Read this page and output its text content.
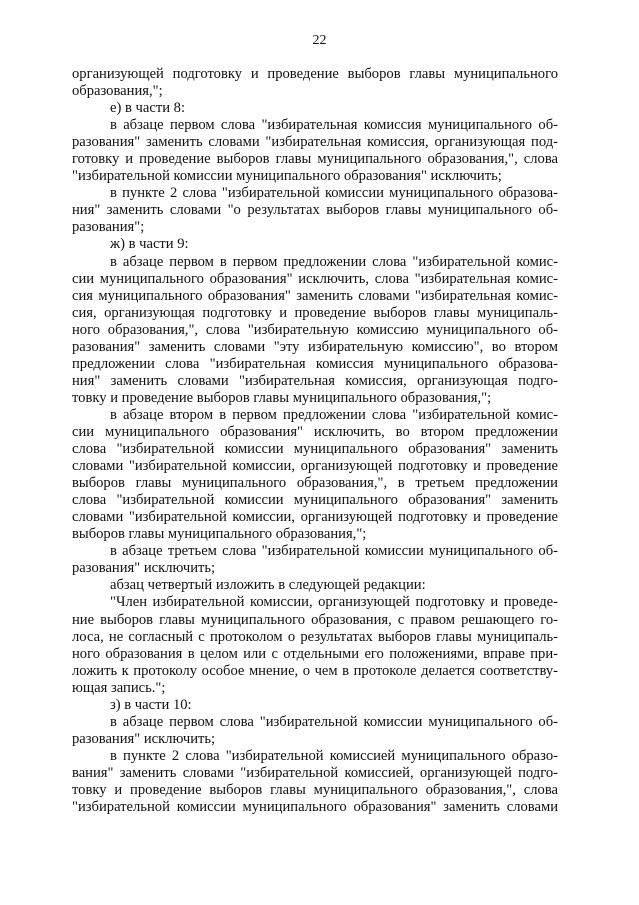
22
организующей подготовку и проведение выборов главы муниципального
образования,";
е) в части 8:
в абзаце первом слова "избирательная комиссия муниципального об-
разования" заменить словами "избирательная комиссия, организующая под-
готовку и проведение выборов главы муниципального образования,", слова
"избирательной комиссии муниципального образования" исключить;
в пункте 2 слова "избирательной комиссии муниципального образова-
ния" заменить словами "о результатах выборов главы муниципального об-
разования";
ж) в части 9:
в абзаце первом в первом предложении слова "избирательной комис-
сии муниципального образования" исключить, слова "избирательная комис-
сия муниципального образования" заменить словами "избирательная комис-
сия, организующая подготовку и проведение выборов главы муниципаль-
ного образования,", слова "избирательную комиссию муниципального об-
разования" заменить словами "эту избирательную комиссию", во втором
предложении слова "избирательная комиссия муниципального образова-
ния" заменить словами "избирательная комиссия, организующая подго-
товку и проведение выборов главы муниципального образования,";
в абзаце втором в первом предложении слова "избирательной комис-
сии муниципального образования" исключить, во втором предложении
слова "избирательной комиссии муниципального образования" заменить
словами "избирательной комиссии, организующей подготовку и проведение
выборов главы муниципального образования,", в третьем предложении
слова "избирательной комиссии муниципального образования" заменить
словами "избирательной комиссии, организующей подготовку и проведение
выборов главы муниципального образования,";
в абзаце третьем слова "избирательной комиссии муниципального об-
разования" исключить;
абзац четвертый изложить в следующей редакции:
"Член избирательной комиссии, организующей подготовку и проведе-
ние выборов главы муниципального образования, с правом решающего го-
лоса, не согласный с протоколом о результатах выборов главы муниципаль-
ного образования в целом или с отдельными его положениями, вправе при-
ложить к протоколу особое мнение, о чем в протоколе делается соответству-
ющая запись.";
з) в части 10:
в абзаце первом слова "избирательной комиссии муниципального об-
разования" исключить;
в пункте 2 слова "избирательной комиссией муниципального образо-
вания" заменить словами "избирательной комиссией, организующей подго-
товку и проведение выборов главы муниципального образования,", слова
"избирательной комиссии муниципального образования" заменить словами
